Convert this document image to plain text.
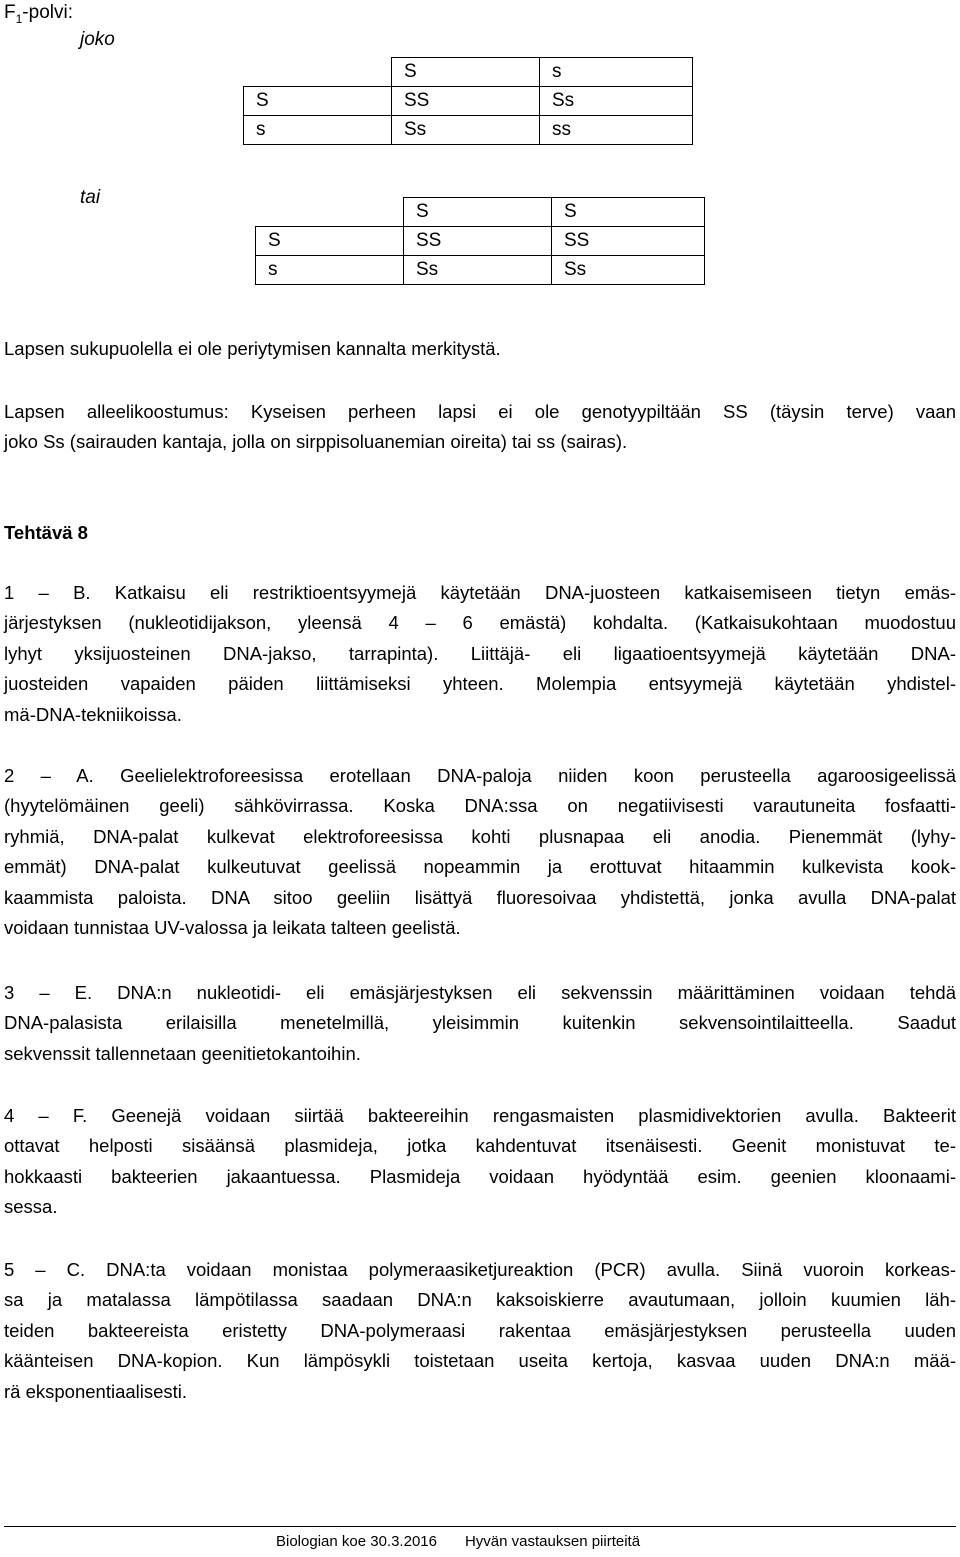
$F_1$-polvi:
joko
	S	s
S	SS	Ss
s	Ss	ss
tai
	S	S
S	SS	SS
s	Ss	Ss
Lapsen sukupuolella ei ole periytymisen kannalta merkitystä.
Lapsen alleelikoostumus: Kyseisen perheen lapsi ei ole genotyypiltään SS (täysin terve) vaan
joko Ss (sairauden kantaja, jolla on sirppisoluanemian oireita) tai ss (sairas).
Tehtävä 8
1 – B. Katkaisu eli restriktioentsyymejä käytetään DNA-juosteen katkaisemiseen tietyn emäs-
järjestyksen (nukleotidijakson, yleensä 4 – 6 emästä) kohdalta. (Katkaisukohtaan muodostuu
lyhyt yksijuosteinen DNA-jakso, tarrapinta). Liittäjä- eli ligaatioentsyymejä käytetään DNA-
juosteiden vapaiden päiden liittämiseksi yhteen. Molempia entsyymejä käytetään yhdistel-
mä-DNA-tekniikoissa.
2 – A. Geelielektroforeesissa erotellaan DNA-paloja niiden koon perusteella agaroosigeelissä
(hyytelömäinen geeli) sähkövirrassa. Koska DNA:ssa on negatiivisesti varautuneita fosfaatti-
ryhmiä, DNA-palat kulkevat elektroforeesissa kohti plusnapaa eli anodia. Pienemmät (lyhy-
emmät) DNA-palat kulkeutuvat geelissä nopeammin ja erottuvat hitaammin kulkevista kook-
kaammista paloista. DNA sitoo geeliin lisättyä fluoresoivaa yhdistettä, jonka avulla DNA-palat
voidaan tunnistaa UV-valossa ja leikata talteen geelistä.
3 – E. DNA:n nukleotidi- eli emäsjärjestyksen eli sekvenssin määrittäminen voidaan tehdä
DNA-palasista erilaisilla menetelmillä, yleisimmin kuitenkin sekvensointilaitteella. Saadut
sekvenssit tallennetaan geenitietokantoihin.
4 – F. Geenejä voidaan siirtää bakteereihin rengasmaisten plasmidivektorien avulla. Bakteerit
ottavat helposti sisäänsä plasmideja, jotka kahdentuvat itsenäisesti. Geenit monistuvat te-
hokkaasti bakteerien jakaantuessa. Plasmideja voidaan hyödyntää esim. geenien kloonaami-
sessa.
5 – C. DNA:ta voidaan monistaa polymeraasiketjureaktion (PCR) avulla. Siinä vuoroin korkeas-
sa ja matalassa lämpötilassa saadaan DNA:n kaksoiskierre avautumaan, jolloin kuumien läh-
teiden bakteereista eristetty DNA-polymeraasi rakentaa emäsjärjestyksen perusteella uuden
käänteisen DNA-kopion. Kun lämpösykli toistetaan useita kertoja, kasvaa uuden DNA:n mää-
rä eksponentiaalisesti.
Biologian koe 30.3.2016 Hyvän vastauksen piirteitä
